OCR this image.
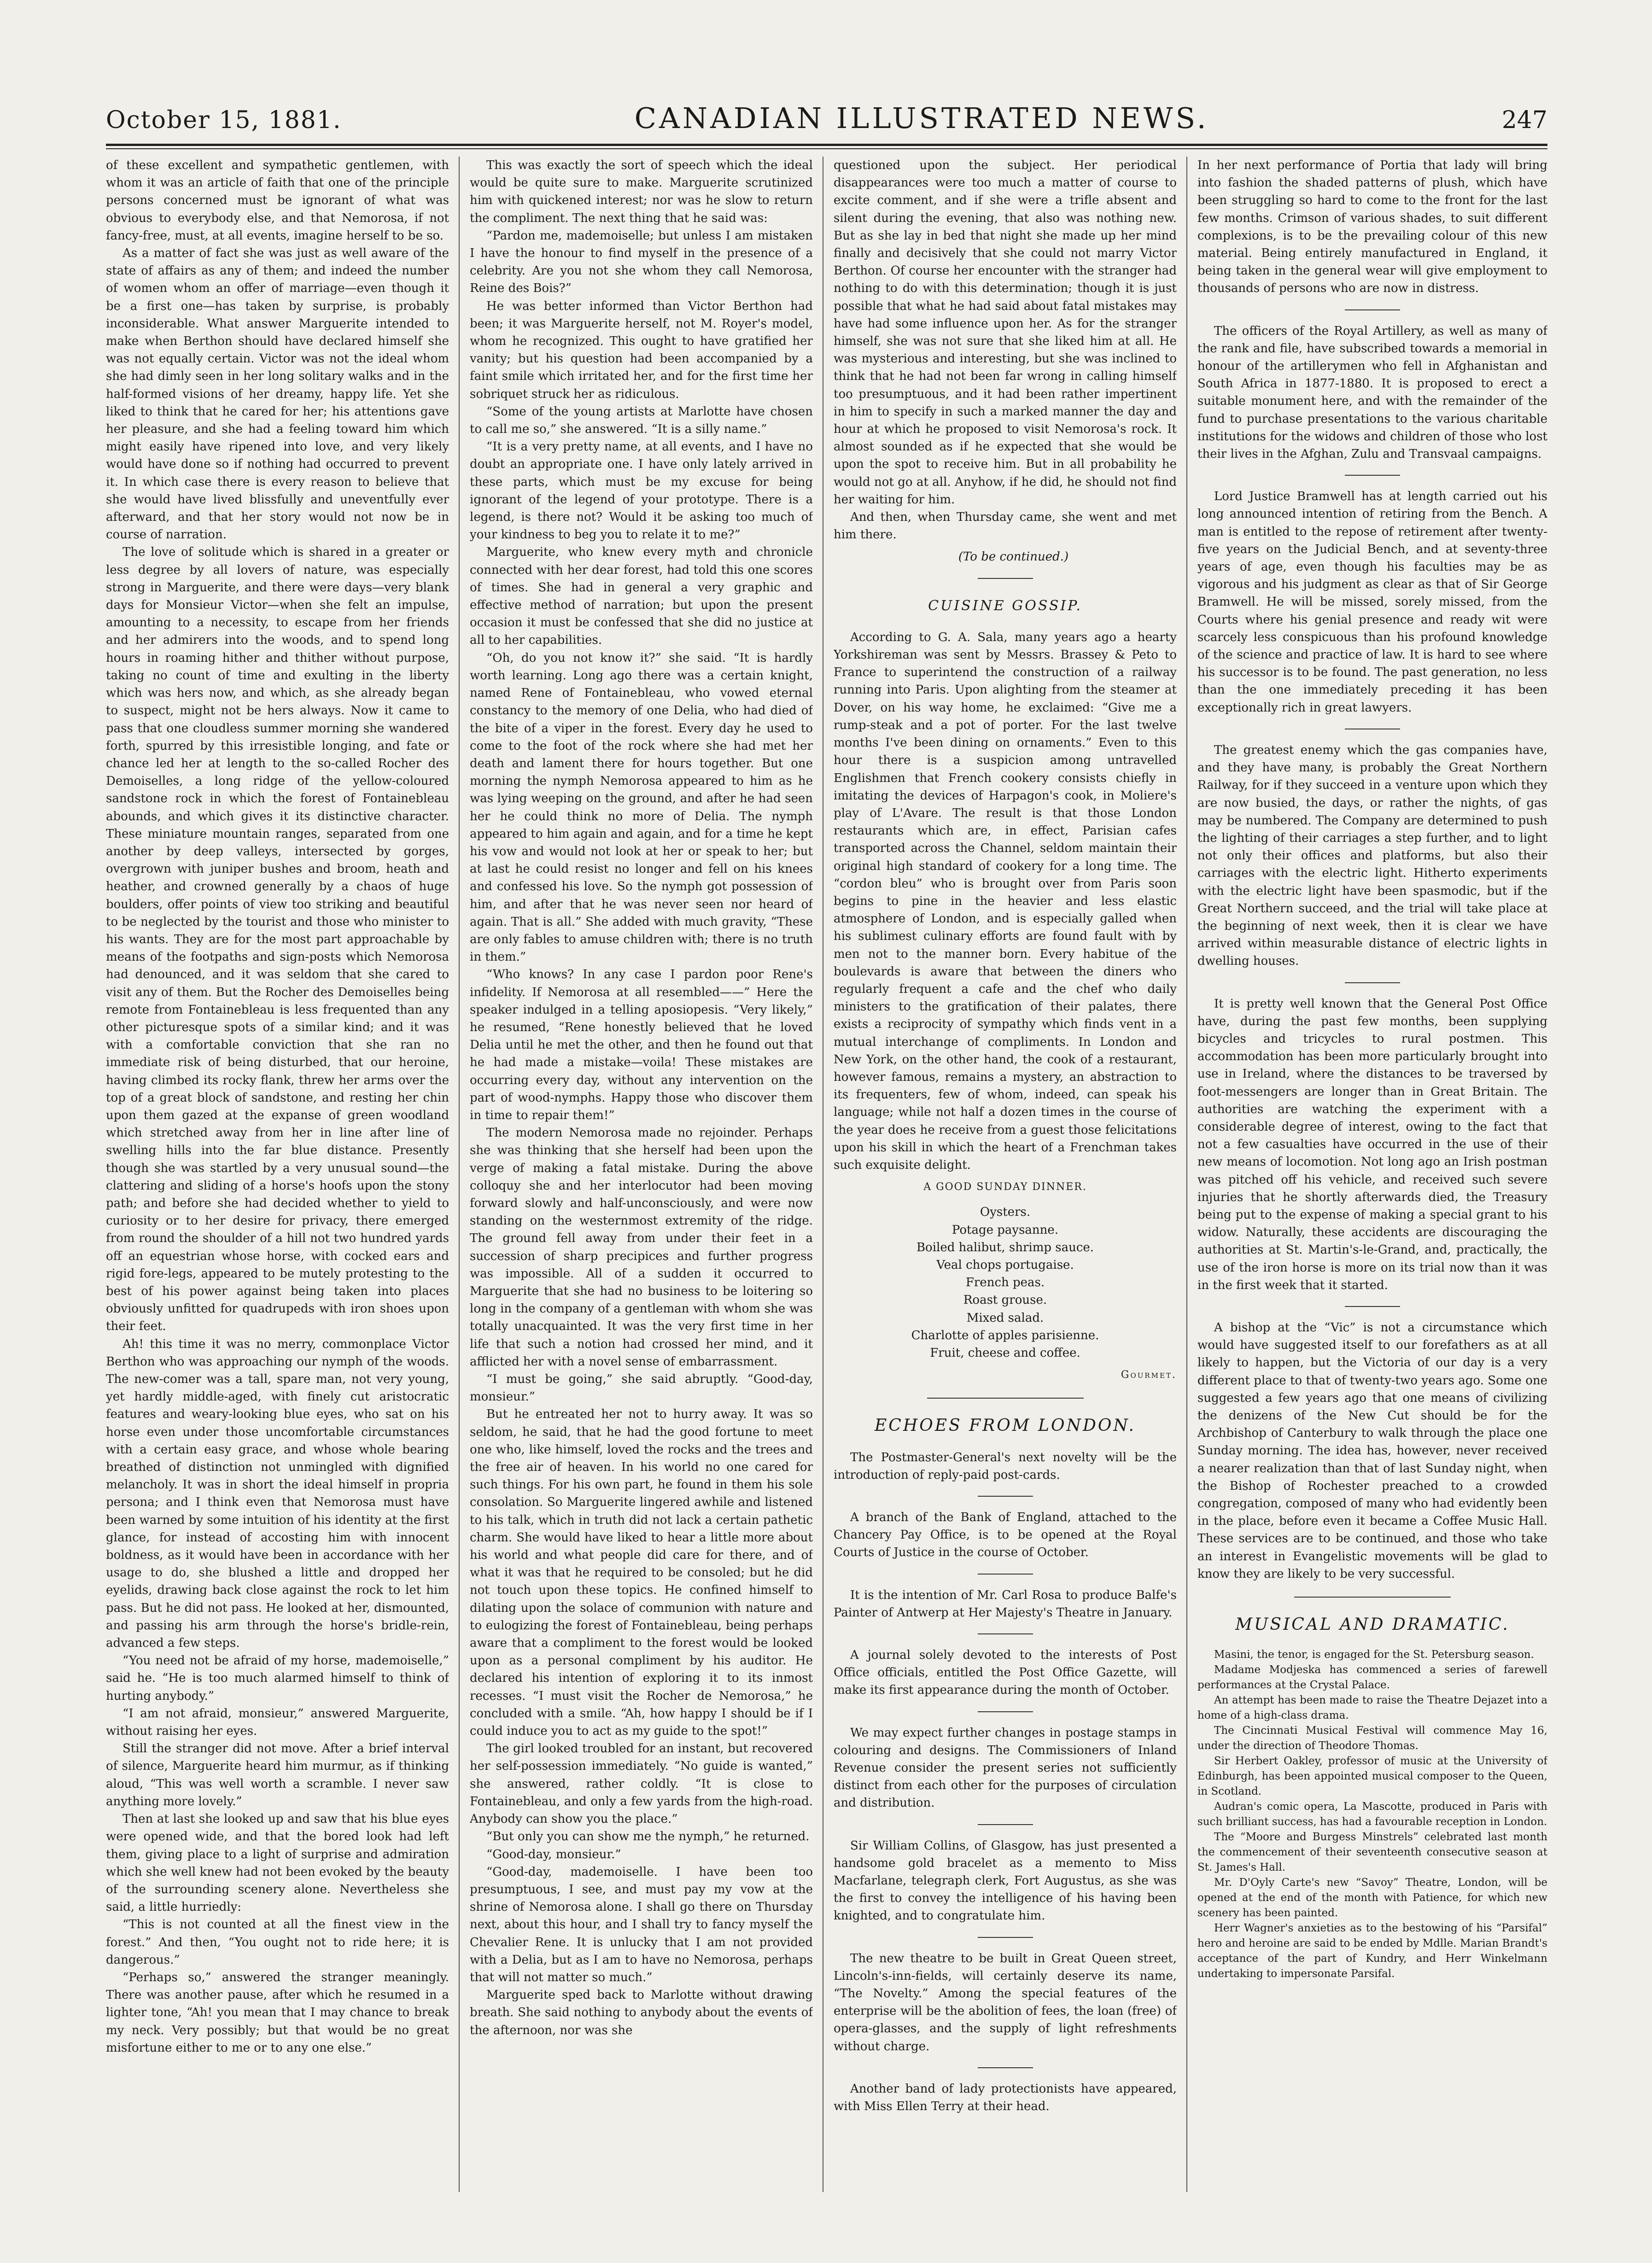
October 15, 1881.	CANADIAN ILLUSTRATED NEWS.	247

of these excellent and sympathetic gentlemen, with whom it was an article of faith that one of the principle persons concerned must be ignorant of what was obvious to everybody else, and that Nemorosa, if not fancy-free, must, at all events, imagine herself to be so.

As a matter of fact she was just as well aware of the state of affairs as any of them; and indeed the number of women whom an offer of marriage—even though it be a first one—has taken by surprise, is probably inconsiderable. What answer Marguerite intended to make when Berthon should have declared himself she was not equally certain. Victor was not the ideal whom she had dimly seen in her long solitary walks and in the half-formed visions of her dreamy, happy life. Yet she liked to think that he cared for her; his attentions gave her pleasure, and she had a feeling toward him which might easily have ripened into love, and very likely would have done so if nothing had occurred to prevent it. In which case there is every reason to believe that she would have lived blissfully and uneventfully ever afterward, and that her story would not now be in course of narration.

The love of solitude which is shared in a greater or less degree by all lovers of nature, was especially strong in Marguerite, and there were days—very blank days for Monsieur Victor—when she felt an impulse, amounting to a necessity, to escape from her friends and her admirers into the woods, and to spend long hours in roaming hither and thither without purpose, taking no count of time and exulting in the liberty which was hers now, and which, as she already began to suspect, might not be hers always. Now it came to pass that one cloudless summer morning she wandered forth, spurred by this irresistible longing, and fate or chance led her at length to the so-called Rocher des Demoiselles, a long ridge of the yellow-coloured sandstone rock in which the forest of Fontainebleau abounds, and which gives it its distinctive character. These miniature mountain ranges, separated from one another by deep valleys, intersected by gorges, overgrown with juniper bushes and broom, heath and heather, and crowned generally by a chaos of huge boulders, offer points of view too striking and beautiful to be neglected by the tourist and those who minister to his wants. They are for the most part approachable by means of the footpaths and sign-posts which Nemorosa had denounced, and it was seldom that she cared to visit any of them. But the Rocher des Demoiselles being remote from Fontainebleau is less frequented than any other picturesque spots of a similar kind; and it was with a comfortable conviction that she ran no immediate risk of being disturbed, that our heroine, having climbed its rocky flank, threw her arms over the top of a great block of sandstone, and resting her chin upon them gazed at the expanse of green woodland which stretched away from her in line after line of swelling hills into the far blue distance. Presently though she was startled by a very unusual sound—the clattering and sliding of a horse's hoofs upon the stony path; and before she had decided whether to yield to curiosity or to her desire for privacy, there emerged from round the shoulder of a hill not two hundred yards off an equestrian whose horse, with cocked ears and rigid fore-legs, appeared to be mutely protesting to the best of his power against being taken into places obviously unfitted for quadrupeds with iron shoes upon their feet.

Ah! this time it was no merry, commonplace Victor Berthon who was approaching our nymph of the woods. The new-comer was a tall, spare man, not very young, yet hardly middle-aged, with finely cut aristocratic features and weary-looking blue eyes, who sat on his horse even under those uncomfortable circumstances with a certain easy grace, and whose whole bearing breathed of distinction not unmingled with dignified melancholy. It was in short the ideal himself in propria persona; and I think even that Nemorosa must have been warned by some intuition of his identity at the first glance, for instead of accosting him with innocent boldness, as it would have been in accordance with her usage to do, she blushed a little and dropped her eyelids, drawing back close against the rock to let him pass. But he did not pass. He looked at her, dismounted, and passing his arm through the horse's bridle-rein, advanced a few steps.

“You need not be afraid of my horse, mademoiselle,” said he. “He is too much alarmed himself to think of hurting anybody.”

“I am not afraid, monsieur,” answered Marguerite, without raising her eyes.

Still the stranger did not move. After a brief interval of silence, Marguerite heard him murmur, as if thinking aloud, “This was well worth a scramble. I never saw anything more lovely.”

Then at last she looked up and saw that his blue eyes were opened wide, and that the bored look had left them, giving place to a light of surprise and admiration which she well knew had not been evoked by the beauty of the surrounding scenery alone. Nevertheless she said, a little hurriedly:

“This is not counted at all the finest view in the forest.” And then, “You ought not to ride here; it is dangerous.”

“Perhaps so,” answered the stranger meaningly. There was another pause, after which he resumed in a lighter tone, “Ah! you mean that I may chance to break my neck. Very possibly; but that would be no great misfortune either to me or to any one else.”

This was exactly the sort of speech which the ideal would be quite sure to make. Marguerite scrutinized him with quickened interest; nor was he slow to return the compliment. The next thing that he said was:

“Pardon me, mademoiselle; but unless I am mistaken I have the honour to find myself in the presence of a celebrity. Are you not she whom they call Nemorosa, Reine des Bois?”

He was better informed than Victor Berthon had been; it was Marguerite herself, not M. Royer's model, whom he recognized. This ought to have gratified her vanity; but his question had been accompanied by a faint smile which irritated her, and for the first time her sobriquet struck her as ridiculous.

“Some of the young artists at Marlotte have chosen to call me so,” she answered. “It is a silly name.”

“It is a very pretty name, at all events, and I have no doubt an appropriate one. I have only lately arrived in these parts, which must be my excuse for being ignorant of the legend of your prototype. There is a legend, is there not? Would it be asking too much of your kindness to beg you to relate it to me?”

Marguerite, who knew every myth and chronicle connected with her dear forest, had told this one scores of times. She had in general a very graphic and effective method of narration; but upon the present occasion it must be confessed that she did no justice at all to her capabilities.

“Oh, do you not know it?” she said. “It is hardly worth learning. Long ago there was a certain knight, named Rene of Fontainebleau, who vowed eternal constancy to the memory of one Delia, who had died of the bite of a viper in the forest. Every day he used to come to the foot of the rock where she had met her death and lament there for hours together. But one morning the nymph Nemorosa appeared to him as he was lying weeping on the ground, and after he had seen her he could think no more of Delia. The nymph appeared to him again and again, and for a time he kept his vow and would not look at her or speak to her; but at last he could resist no longer and fell on his knees and confessed his love. So the nymph got possession of him, and after that he was never seen nor heard of again. That is all.” She added with much gravity, “These are only fables to amuse children with; there is no truth in them.”

“Who knows? In any case I pardon poor Rene's infidelity. If Nemorosa at all resembled——” Here the speaker indulged in a telling aposiopesis. “Very likely,” he resumed, “Rene honestly believed that he loved Delia until he met the other, and then he found out that he had made a mistake—voila! These mistakes are occurring every day, without any intervention on the part of wood-nymphs. Happy those who discover them in time to repair them!”

The modern Nemorosa made no rejoinder. Perhaps she was thinking that she herself had been upon the verge of making a fatal mistake. During the above colloquy she and her interlocutor had been moving forward slowly and half-unconsciously, and were now standing on the westernmost extremity of the ridge. The ground fell away from under their feet in a succession of sharp precipices and further progress was impossible. All of a sudden it occurred to Marguerite that she had no business to be loitering so long in the company of a gentleman with whom she was totally unacquainted. It was the very first time in her life that such a notion had crossed her mind, and it afflicted her with a novel sense of embarrassment.

“I must be going,” she said abruptly. “Good-day, monsieur.”

But he entreated her not to hurry away. It was so seldom, he said, that he had the good fortune to meet one who, like himself, loved the rocks and the trees and the free air of heaven. In his world no one cared for such things. For his own part, he found in them his sole consolation. So Marguerite lingered awhile and listened to his talk, which in truth did not lack a certain pathetic charm. She would have liked to hear a little more about his world and what people did care for there, and of what it was that he required to be consoled; but he did not touch upon these topics. He confined himself to dilating upon the solace of communion with nature and to eulogizing the forest of Fontainebleau, being perhaps aware that a compliment to the forest would be looked upon as a personal compliment by his auditor. He declared his intention of exploring it to its inmost recesses. “I must visit the Rocher de Nemorosa,” he concluded with a smile. “Ah, how happy I should be if I could induce you to act as my guide to the spot!”

The girl looked troubled for an instant, but recovered her self-possession immediately. “No guide is wanted,” she answered, rather coldly. “It is close to Fontainebleau, and only a few yards from the high-road. Anybody can show you the place.”

“But only you can show me the nymph,” he returned.

“Good-day, monsieur.”

“Good-day, mademoiselle. I have been too presumptuous, I see, and must pay my vow at the shrine of Nemorosa alone. I shall go there on Thursday next, about this hour, and I shall try to fancy myself the Chevalier Rene. It is unlucky that I am not provided with a Delia, but as I am to have no Nemorosa, perhaps that will not matter so much.”

Marguerite sped back to Marlotte without drawing breath. She said nothing to anybody about the events of the afternoon, nor was she

questioned upon the subject. Her periodical disappearances were too much a matter of course to excite comment, and if she were a trifle absent and silent during the evening, that also was nothing new. But as she lay in bed that night she made up her mind finally and decisively that she could not marry Victor Berthon. Of course her encounter with the stranger had nothing to do with this determination; though it is just possible that what he had said about fatal mistakes may have had some influence upon her. As for the stranger himself, she was not sure that she liked him at all. He was mysterious and interesting, but she was inclined to think that he had not been far wrong in calling himself too presumptuous, and it had been rather impertinent in him to specify in such a marked manner the day and hour at which he proposed to visit Nemorosa's rock. It almost sounded as if he expected that she would be upon the spot to receive him. But in all probability he would not go at all. Anyhow, if he did, he should not find her waiting for him.

And then, when Thursday came, she went and met him there.

(To be continued.)

CUISINE GOSSIP.

According to G. A. Sala, many years ago a hearty Yorkshireman was sent by Messrs. Brassey & Peto to France to superintend the construction of a railway running into Paris. Upon alighting from the steamer at Dover, on his way home, he exclaimed: “Give me a rump-steak and a pot of porter. For the last twelve months I've been dining on ornaments.” Even to this hour there is a suspicion among untravelled Englishmen that French cookery consists chiefly in imitating the devices of Harpagon's cook, in Moliere's play of L'Avare. The result is that those London restaurants which are, in effect, Parisian cafes transported across the Channel, seldom maintain their original high standard of cookery for a long time. The “cordon bleu” who is brought over from Paris soon begins to pine in the heavier and less elastic atmosphere of London, and is especially galled when his sublimest culinary efforts are found fault with by men not to the manner born. Every habitue of the boulevards is aware that between the diners who regularly frequent a cafe and the chef who daily ministers to the gratification of their palates, there exists a reciprocity of sympathy which finds vent in a mutual interchange of compliments. In London and New York, on the other hand, the cook of a restaurant, however famous, remains a mystery, an abstraction to its frequenters, few of whom, indeed, can speak his language; while not half a dozen times in the course of the year does he receive from a guest those felicitations upon his skill in which the heart of a Frenchman takes such exquisite delight.

A GOOD SUNDAY DINNER.
Oysters.
Potage paysanne.
Boiled halibut, shrimp sauce.
Veal chops portugaise.
French peas.
Roast grouse.
Mixed salad.
Charlotte of apples parisienne.
Fruit, cheese and coffee.
Gourmet.
ECHOES FROM LONDON.

The Postmaster-General's next novelty will be the introduction of reply-paid post-cards.

A branch of the Bank of England, attached to the Chancery Pay Office, is to be opened at the Royal Courts of Justice in the course of October.

It is the intention of Mr. Carl Rosa to produce Balfe's Painter of Antwerp at Her Majesty's Theatre in January.

A journal solely devoted to the interests of Post Office officials, entitled the Post Office Gazette, will make its first appearance during the month of October.

We may expect further changes in postage stamps in colouring and designs. The Commissioners of Inland Revenue consider the present series not sufficiently distinct from each other for the purposes of circulation and distribution.

Sir William Collins, of Glasgow, has just presented a handsome gold bracelet as a memento to Miss Macfarlane, telegraph clerk, Fort Augustus, as she was the first to convey the intelligence of his having been knighted, and to congratulate him.

The new theatre to be built in Great Queen street, Lincoln's-inn-fields, will certainly deserve its name, “The Novelty.” Among the special features of the enterprise will be the abolition of fees, the loan (free) of opera-glasses, and the supply of light refreshments without charge.

Another band of lady protectionists have appeared, with Miss Ellen Terry at their head.

In her next performance of Portia that lady will bring into fashion the shaded patterns of plush, which have been struggling so hard to come to the front for the last few months. Crimson of various shades, to suit different complexions, is to be the prevailing colour of this new material. Being entirely manufactured in England, it being taken in the general wear will give employment to thousands of persons who are now in distress.

The officers of the Royal Artillery, as well as many of the rank and file, have subscribed towards a memorial in honour of the artillerymen who fell in Afghanistan and South Africa in 1877-1880. It is proposed to erect a suitable monument here, and with the remainder of the fund to purchase presentations to the various charitable institutions for the widows and children of those who lost their lives in the Afghan, Zulu and Transvaal campaigns.

Lord Justice Bramwell has at length carried out his long announced intention of retiring from the Bench. A man is entitled to the repose of retirement after twenty-five years on the Judicial Bench, and at seventy-three years of age, even though his faculties may be as vigorous and his judgment as clear as that of Sir George Bramwell. He will be missed, sorely missed, from the Courts where his genial presence and ready wit were scarcely less conspicuous than his profound knowledge of the science and practice of law. It is hard to see where his successor is to be found. The past generation, no less than the one immediately preceding it has been exceptionally rich in great lawyers.

The greatest enemy which the gas companies have, and they have many, is probably the Great Northern Railway, for if they succeed in a venture upon which they are now busied, the days, or rather the nights, of gas may be numbered. The Company are determined to push the lighting of their carriages a step further, and to light not only their offices and platforms, but also their carriages with the electric light. Hitherto experiments with the electric light have been spasmodic, but if the Great Northern succeed, and the trial will take place at the beginning of next week, then it is clear we have arrived within measurable distance of electric lights in dwelling houses.

It is pretty well known that the General Post Office have, during the past few months, been supplying bicycles and tricycles to rural postmen. This accommodation has been more particularly brought into use in Ireland, where the distances to be traversed by foot-messengers are longer than in Great Britain. The authorities are watching the experiment with a considerable degree of interest, owing to the fact that not a few casualties have occurred in the use of their new means of locomotion. Not long ago an Irish postman was pitched off his vehicle, and received such severe injuries that he shortly afterwards died, the Treasury being put to the expense of making a special grant to his widow. Naturally, these accidents are discouraging the authorities at St. Martin's-le-Grand, and, practically, the use of the iron horse is more on its trial now than it was in the first week that it started.

A bishop at the “Vic” is not a circumstance which would have suggested itself to our forefathers as at all likely to happen, but the Victoria of our day is a very different place to that of twenty-two years ago. Some one suggested a few years ago that one means of civilizing the denizens of the New Cut should be for the Archbishop of Canterbury to walk through the place one Sunday morning. The idea has, however, never received a nearer realization than that of last Sunday night, when the Bishop of Rochester preached to a crowded congregation, composed of many who had evidently been in the place, before even it became a Coffee Music Hall. These services are to be continued, and those who take an interest in Evangelistic movements will be glad to know they are likely to be very successful.

MUSICAL AND DRAMATIC.

Masini, the tenor, is engaged for the St. Petersburg season.

Madame Modjeska has commenced a series of farewell performances at the Crystal Palace.

An attempt has been made to raise the Theatre Dejazet into a home of a high-class drama.

The Cincinnati Musical Festival will commence May 16, under the direction of Theodore Thomas.

Sir Herbert Oakley, professor of music at the University of Edinburgh, has been appointed musical composer to the Queen, in Scotland.

Audran's comic opera, La Mascotte, produced in Paris with such brilliant success, has had a favourable reception in London.

The “Moore and Burgess Minstrels” celebrated last month the commencement of their seventeenth consecutive season at St. James's Hall.

Mr. D'Oyly Carte's new “Savoy” Theatre, London, will be opened at the end of the month with Patience, for which new scenery has been painted.

Herr Wagner's anxieties as to the bestowing of his “Parsifal” hero and heroine are said to be ended by Mdlle. Marian Brandt's acceptance of the part of Kundry, and Herr Winkelmann undertaking to impersonate Parsifal.
